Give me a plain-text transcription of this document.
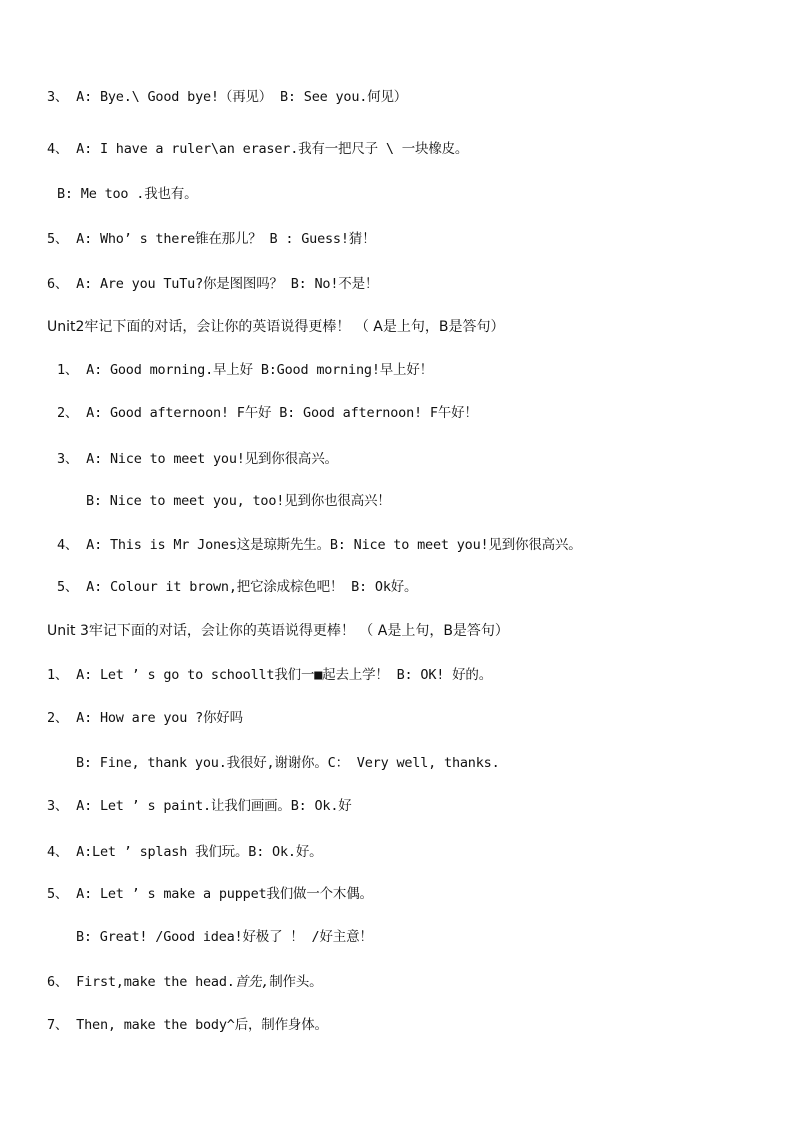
3、 A: Bye.\ Good bye!（再见） B: See you.何见）
4、 A: I have a ruler\an eraser.我有一把尺子 \ 一块橡皮。
B: Me too .我也有。
5、 A: Who’ s there锥在那儿？ B : Guess!猜！
6、 A: Are you TuTu?你是图图吗？ B: No!不是！
Unit2牢记下面的对话，会让你的英语说得更棒！ （ A是上句，B是答句）
1、 A: Good morning.早上好 B:Good morning!早上好！
2、 A: Good afternoon! F午好 B: Good afternoon! F午好！
3、 A: Nice to meet you!见到你很高兴。
B: Nice to meet you, too!见到你也很高兴！
4、 A: This is Mr Jones这是琼斯先生。B: Nice to meet you!见到你很高兴。
5、 A: Colour it brown,把它涂成棕色吧！ B: Ok好。
Unit 3牢记下面的对话，会让你的英语说得更棒！ （ A是上句，B是答句）
1、 A: Let ’ s go to schoollt我们一■起去上学！ B: OK! 好的。
2、 A: How are you ?你好吗
B: Fine, thank you.我很好,谢谢你。C： Very well, thanks.
3、 A: Let ’ s paint.让我们画画。B: Ok.好
4、 A:Let ’ splash 我们玩。B: Ok.好。
5、 A: Let ’ s make a puppet我们做一个木偶。
B: Great! /Good idea!好极了 ！ /好主意！
6、 First,make the head.首先,制作头。
7、 Then, make the body^后，制作身体。
